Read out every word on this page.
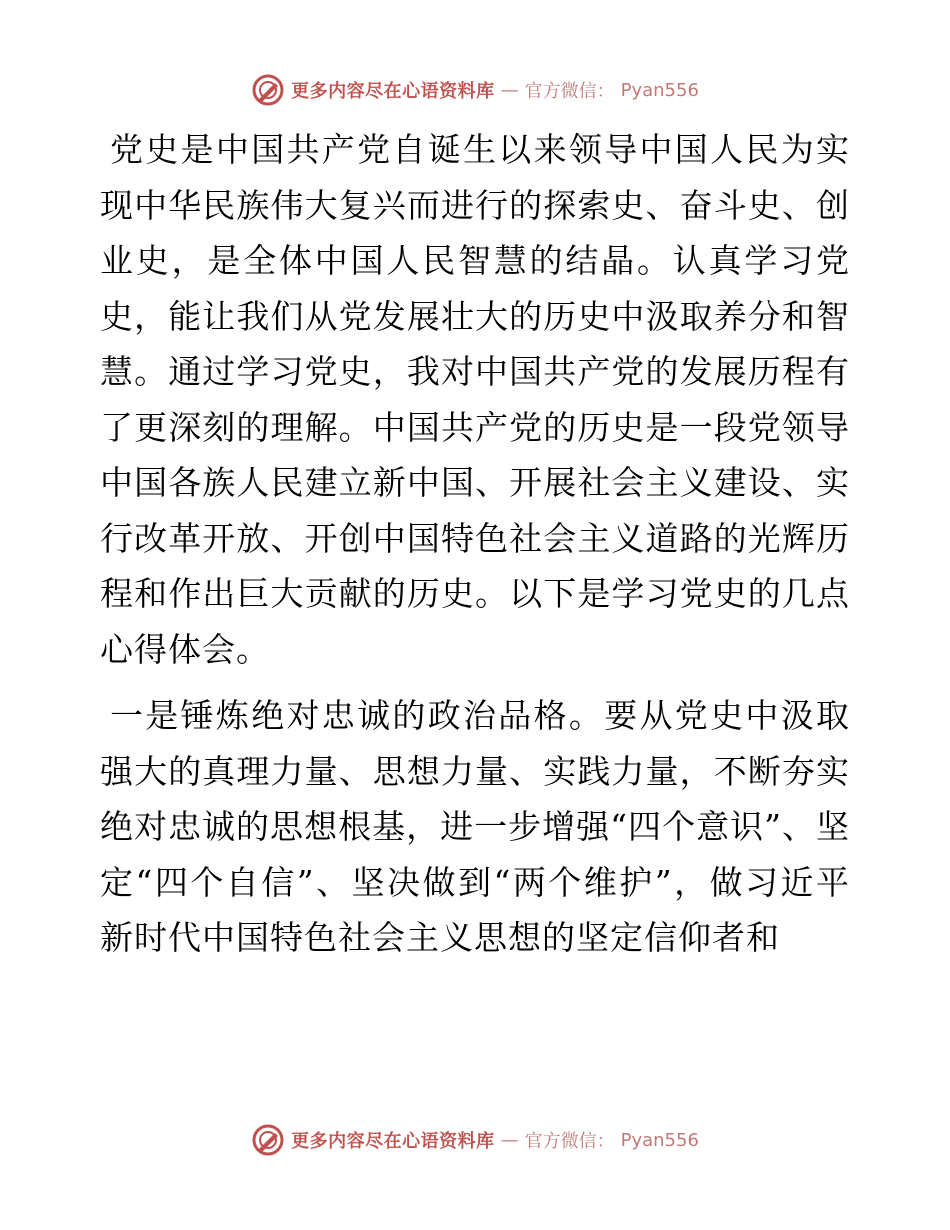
更多内容尽在心语资料库 — 官方微信： Pyan556

党史是中国共产党自诞生以来领导中国人民为实现中华民族伟大复兴而进行的探索史、奋斗史、创业史，是全体中国人民智慧的结晶。认真学习党史，能让我们从党发展壮大的历史中汲取养分和智慧。通过学习党史，我对中国共产党的发展历程有了更深刻的理解。中国共产党的历史是一段党领导中国各族人民建立新中国、开展社会主义建设、实行改革开放、开创中国特色社会主义道路的光辉历程和作出巨大贡献的历史。以下是学习党史的几点心得体会。

一是锤炼绝对忠诚的政治品格。要从党史中汲取强大的真理力量、思想力量、实践力量，不断夯实绝对忠诚的思想根基，进一步增强“四个意识”、坚定“四个自信”、坚决做到“两个维护”，做习近平新时代中国特色社会主义思想的坚定信仰者和

更多内容尽在心语资料库 — 官方微信： Pyan556
